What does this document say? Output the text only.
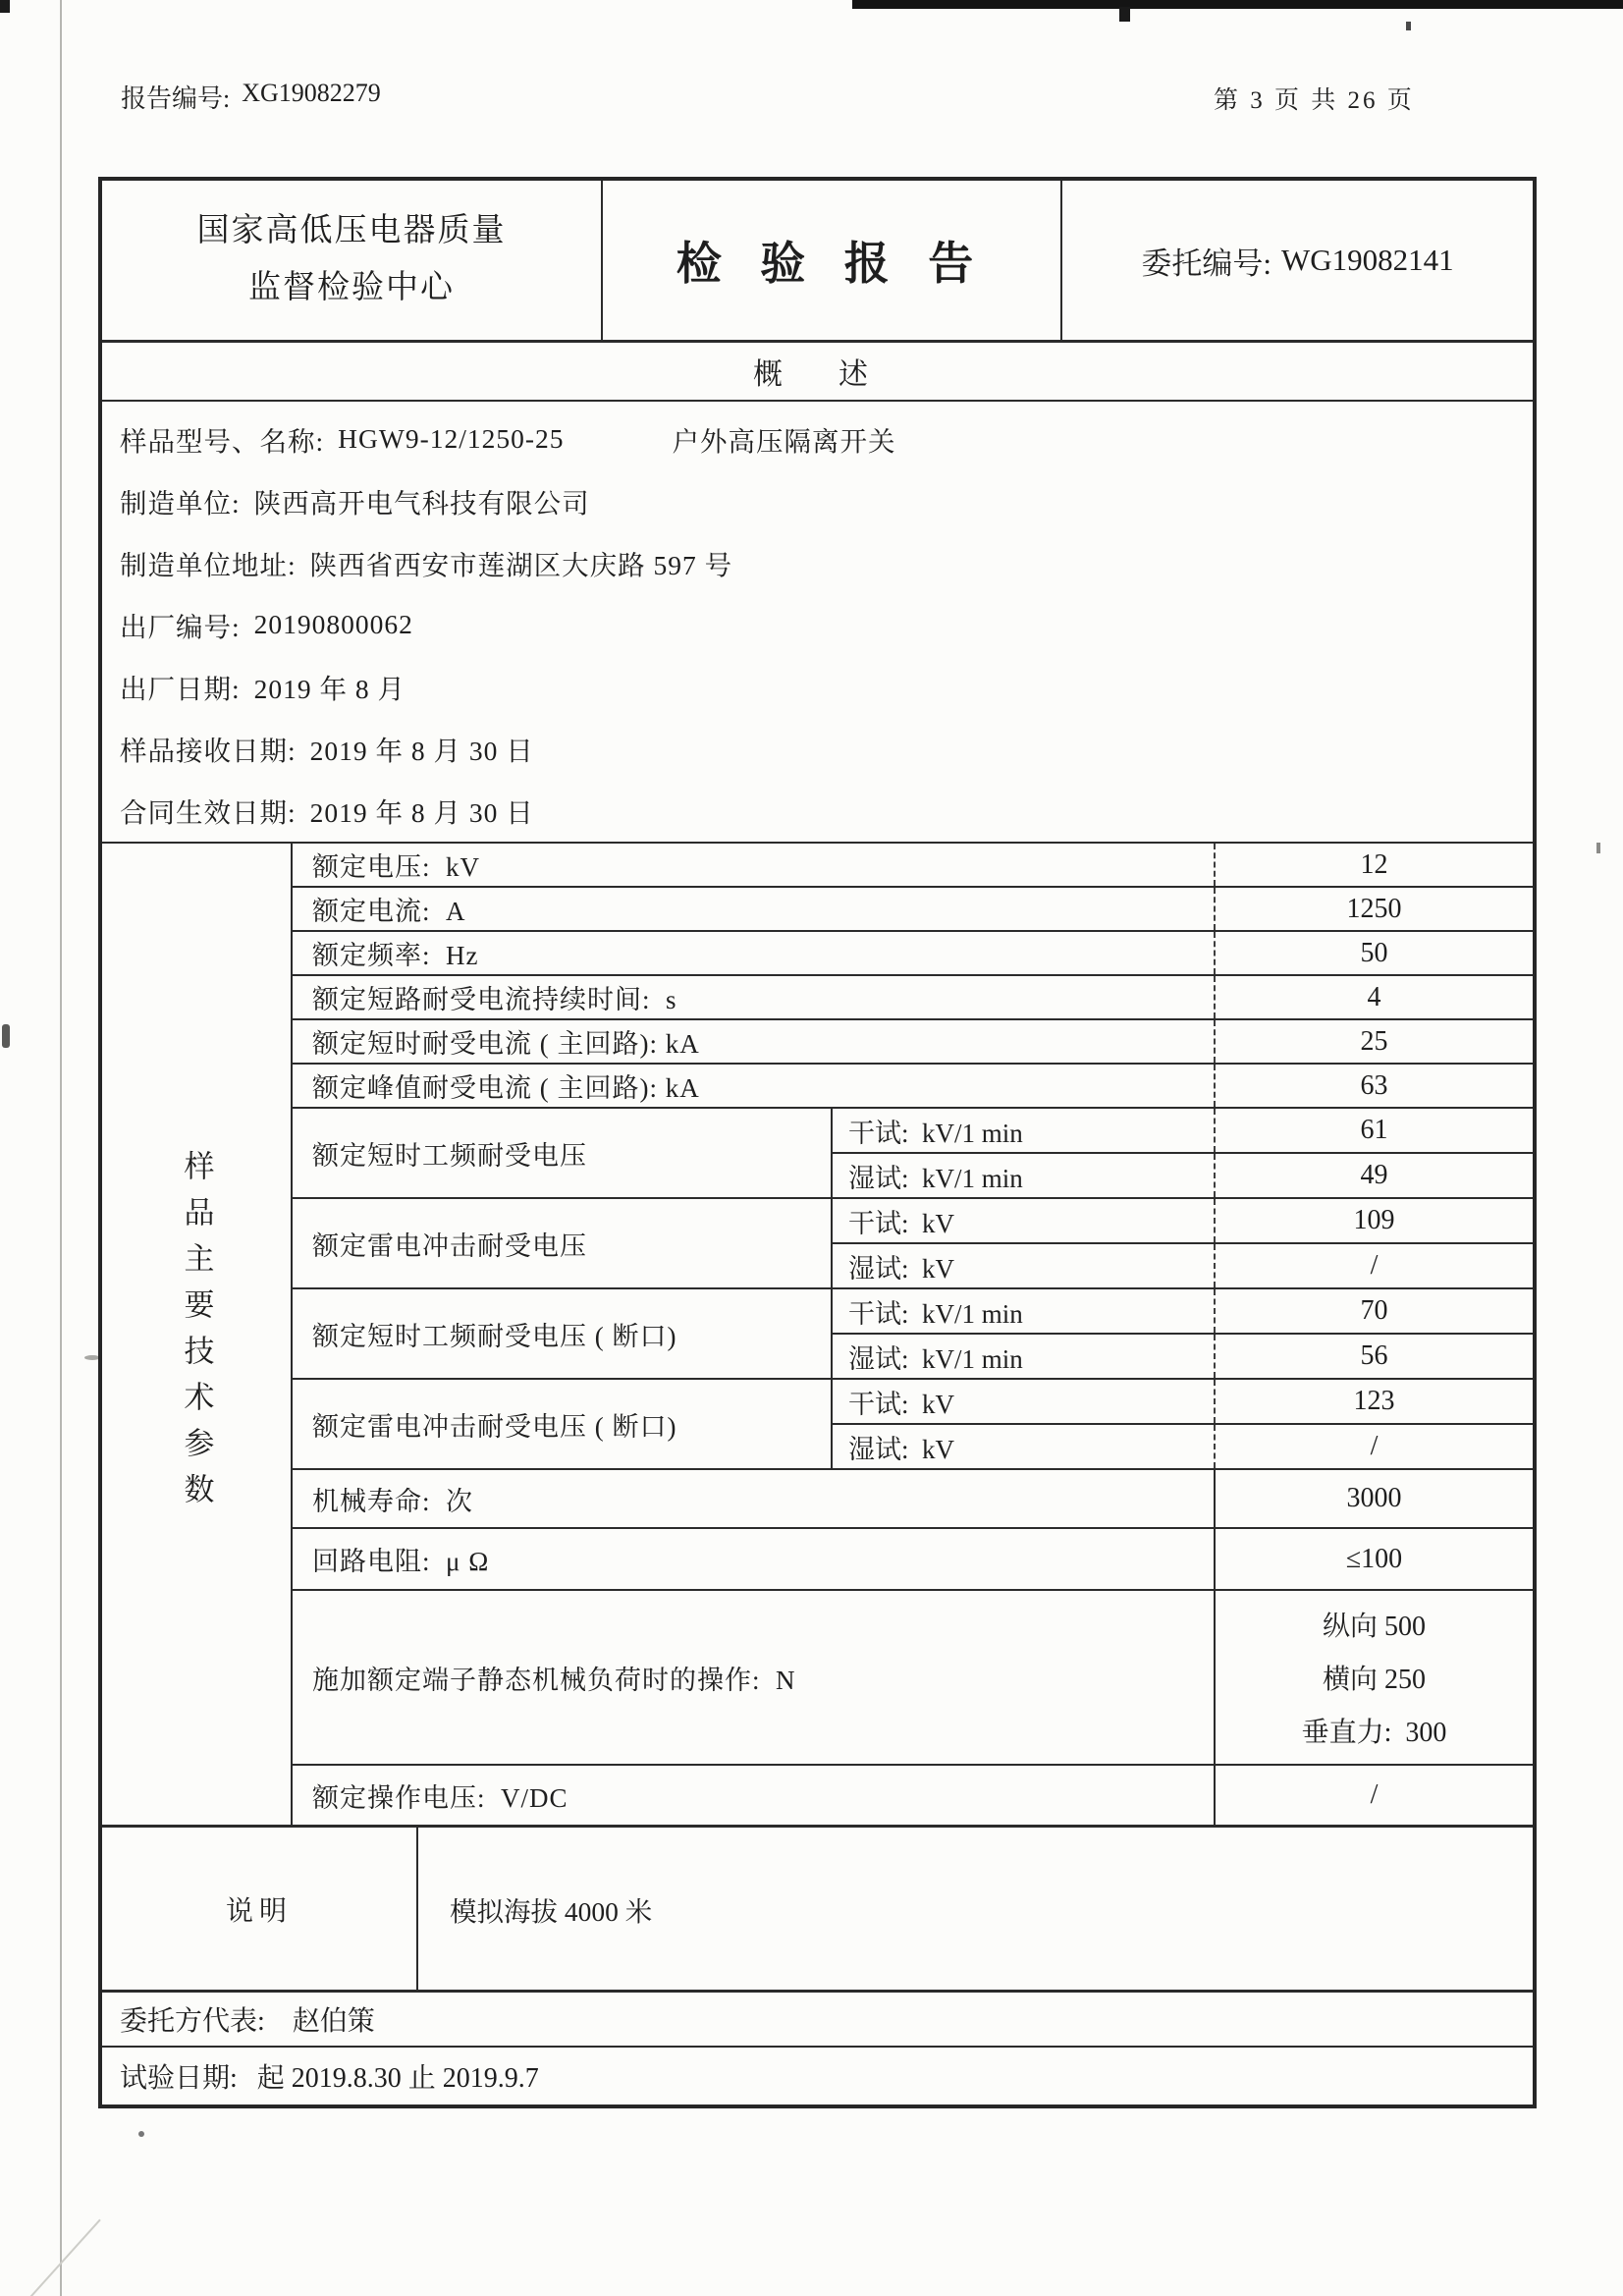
报告编号: XG19082279	第 3 页 共 26 页
国家高低压电器质量
监督检验中心	检 验 报 告	委托编号: WG19082141
概  述
样品型号、名称: HGW9-12/1250-25	户外高压隔离开关
制造单位: 陕西高开电气科技有限公司
制造单位地址: 陕西省西安市莲湖区大庆路 597 号
出厂编号: 20190800062
出厂日期: 2019 年 8 月
样品接收日期: 2019 年 8 月 30 日
合同生效日期: 2019 年 8 月 30 日
样品主要技术参数
额定电压:  kV	12
额定电流:  A	1250
额定频率:  Hz	50
额定短路耐受电流持续时间:  s	4
额定短时耐受电流 ( 主回路): kA	25
额定峰值耐受电流 ( 主回路): kA	63
额定短时工频耐受电压
干试:  kV/1 min	61
湿试:  kV/1 min	49
额定雷电冲击耐受电压
干试:  kV	109
湿试:  kV	/
额定短时工频耐受电压 ( 断口)
干试:  kV/1 min	70
湿试:  kV/1 min	56
额定雷电冲击耐受电压 ( 断口)
干试:  kV	123
湿试:  kV	/
机械寿命:  次	3000
回路电阻:  μ Ω	≤100
施加额定端子静态机械负荷时的操作:  N
纵向 500
横向 250
垂直力:  300
额定操作电压:  V/DC	/
说明	模拟海拔 4000 米
委托方代表: 赵伯策
试验日期: 起 2019.8.30 止 2019.9.7
